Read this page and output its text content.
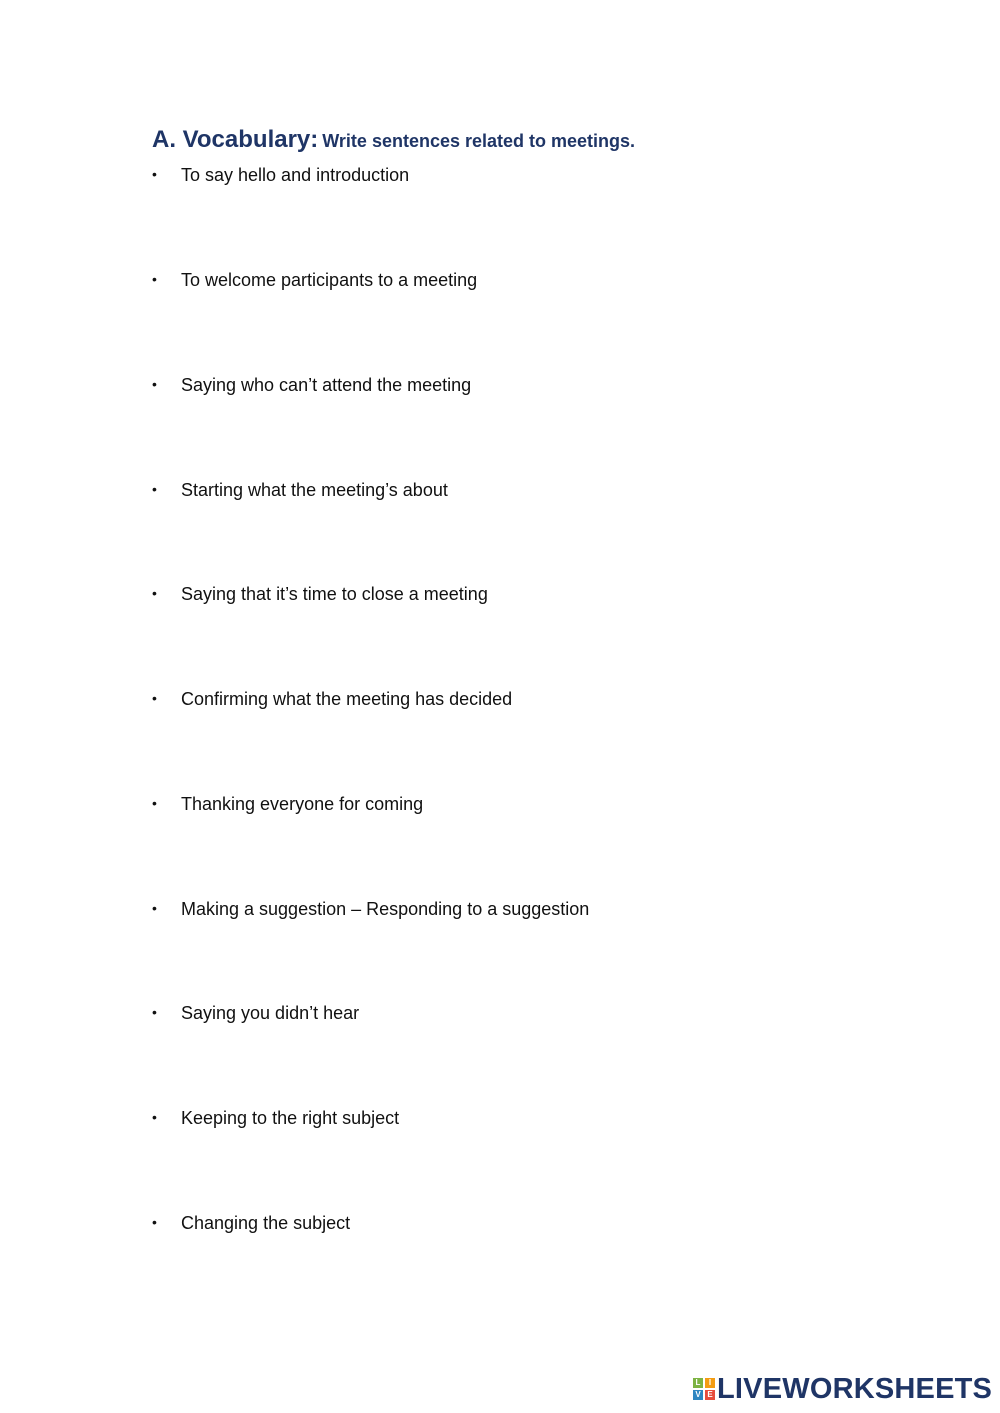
A. Vocabulary: Write sentences related to meetings.
• To say hello and introduction
• To welcome participants to a meeting
• Saying who can’t attend the meeting
• Starting what the meeting’s about
• Saying that it’s time to close a meeting
• Confirming what the meeting has decided
• Thanking everyone for coming
• Making a suggestion – Responding to a suggestion
• Saying you didn’t hear
• Keeping to the right subject
• Changing the subject
L	I
V E LIVEWORKSHEETS
